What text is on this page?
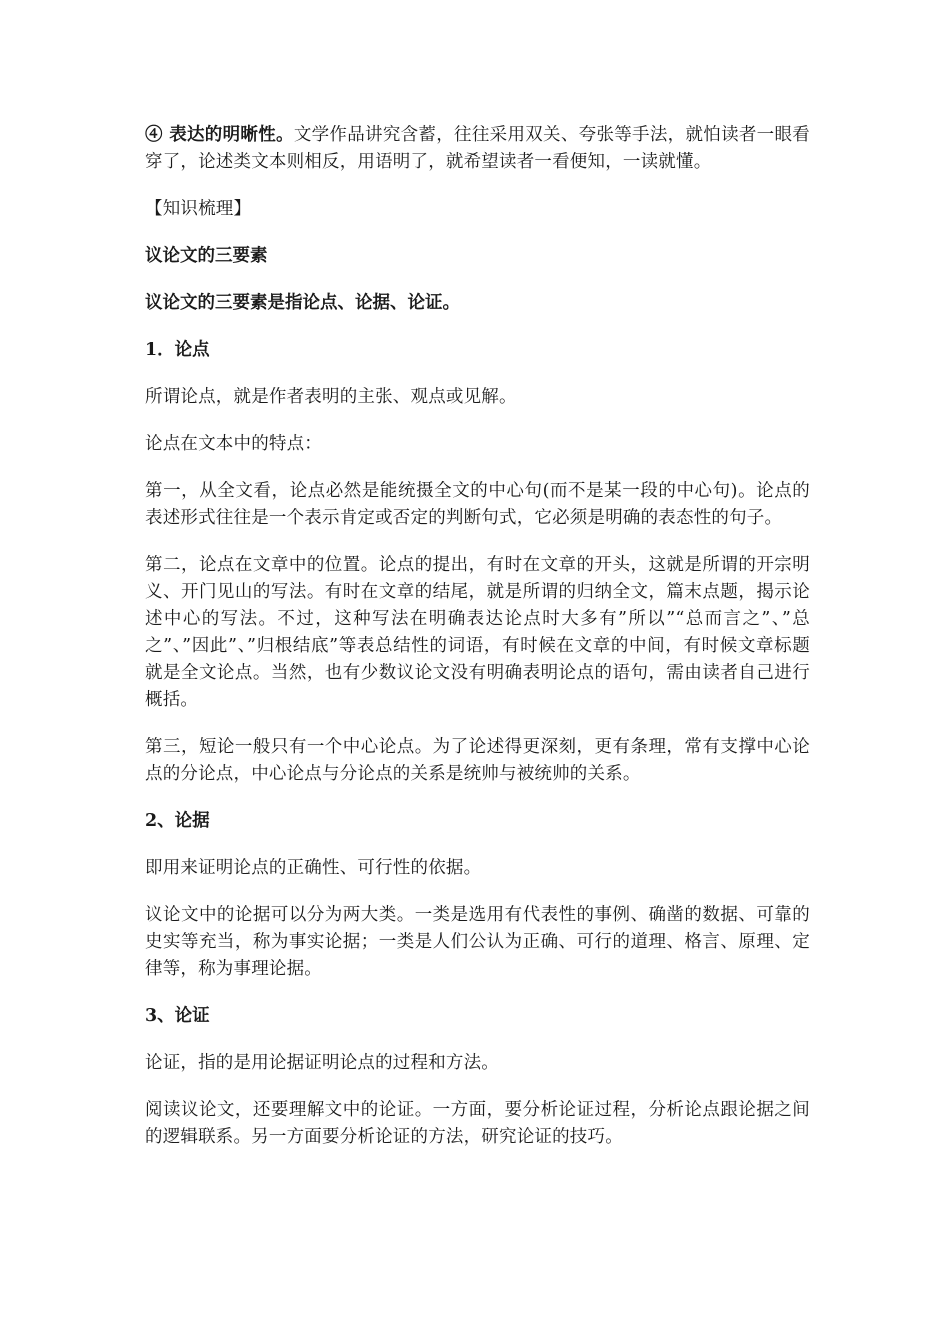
④ 表达的明晰性。文学作品讲究含蓄，往往采用双关、夸张等手法，就怕读者一眼看穿了，论述类文本则相反，用语明了，就希望读者一看便知，一读就懂。

【知识梳理】

议论文的三要素

议论文的三要素是指论点、论据、论证。

1．论点

所谓论点，就是作者表明的主张、观点或见解。

论点在文本中的特点：

第一，从全文看，论点必然是能统摄全文的中心句(而不是某一段的中心句)。论点的表述形式往往是一个表示肯定或否定的判断句式，它必须是明确的表态性的句子。

第二，论点在文章中的位置。论点的提出，有时在文章的开头，这就是所谓的开宗明义、开门见山的写法。有时在文章的结尾，就是所谓的归纳全文，篇末点题，揭示论述中心的写法。不过，这种写法在明确表达论点时大多有”所以”“总而言之”、”总之”、”因此”、”归根结底”等表总结性的词语，有时候在文章的中间，有时候文章标题就是全文论点。当然，也有少数议论文没有明确表明论点的语句，需由读者自己进行概括。

第三，短论一般只有一个中心论点。为了论述得更深刻，更有条理，常有支撑中心论点的分论点，中心论点与分论点的关系是统帅与被统帅的关系。

2、论据

即用来证明论点的正确性、可行性的依据。

议论文中的论据可以分为两大类。一类是选用有代表性的事例、确凿的数据、可靠的史实等充当，称为事实论据；一类是人们公认为正确、可行的道理、格言、原理、定律等，称为事理论据。

3、论证

论证，指的是用论据证明论点的过程和方法。

阅读议论文，还要理解文中的论证。一方面，要分析论证过程，分析论点跟论据之间的逻辑联系。另一方面要分析论证的方法，研究论证的技巧。
